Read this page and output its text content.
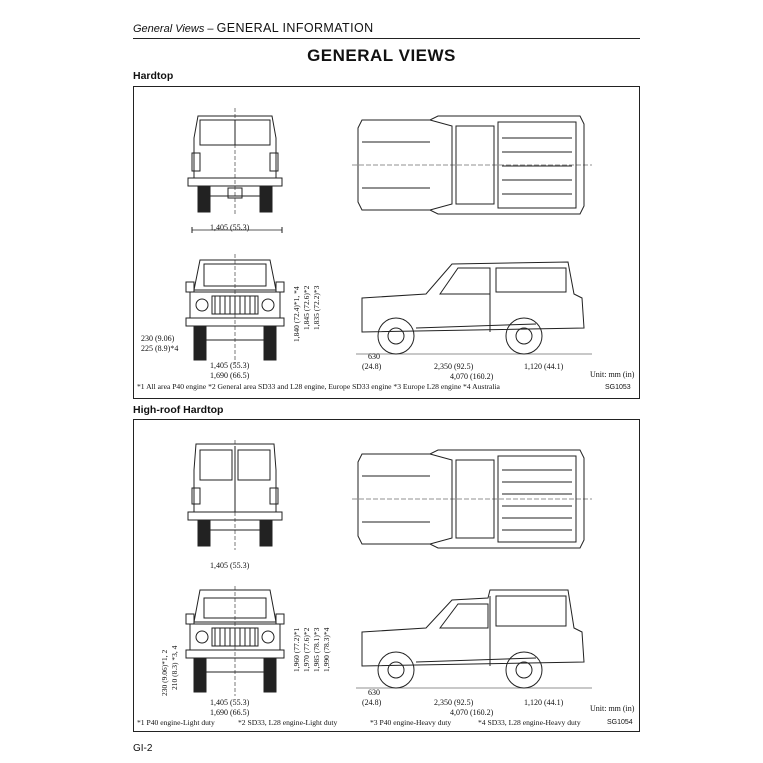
General Views – GENERAL INFORMATION
GENERAL VIEWS
Hardtop
1,405 (55.3)
1,405 (55.3)
1,690 (66.5)
230 (9.06)
225 (8.9)*4
1,840 (72.4)*1, *4 1,845 (72.6)*2 1,835 (72.2)*3
630
(24.8)	2,350 (92.5)	1,120 (44.1)
4,070 (160.2)	Unit: mm (in)
*1 All area P40 engine *2 General area SD33 and L28 engine, Europe SD33 engine *3 Europe L28 engine *4 Australia	SG1053
High-roof Hardtop
1,405 (55.3)
1,405 (55.3)
1,690 (66.5)
230 (9.06)*1, 2 210 (8.3) *3, 4	1,960 (77.2)*1 1,970 (77.6)*2 1,985 (78.1)*3 1,990 (78.3)*4
630
(24.8)	2,350 (92.5)	1,120 (44.1)
4,070 (160.2)	Unit: mm (in)
*1 P40 engine-Light duty	*2 SD33, L28 engine-Light duty	*3 P40 engine-Heavy duty	*4 SD33, L28 engine-Heavy duty	SG1054
GI-2
